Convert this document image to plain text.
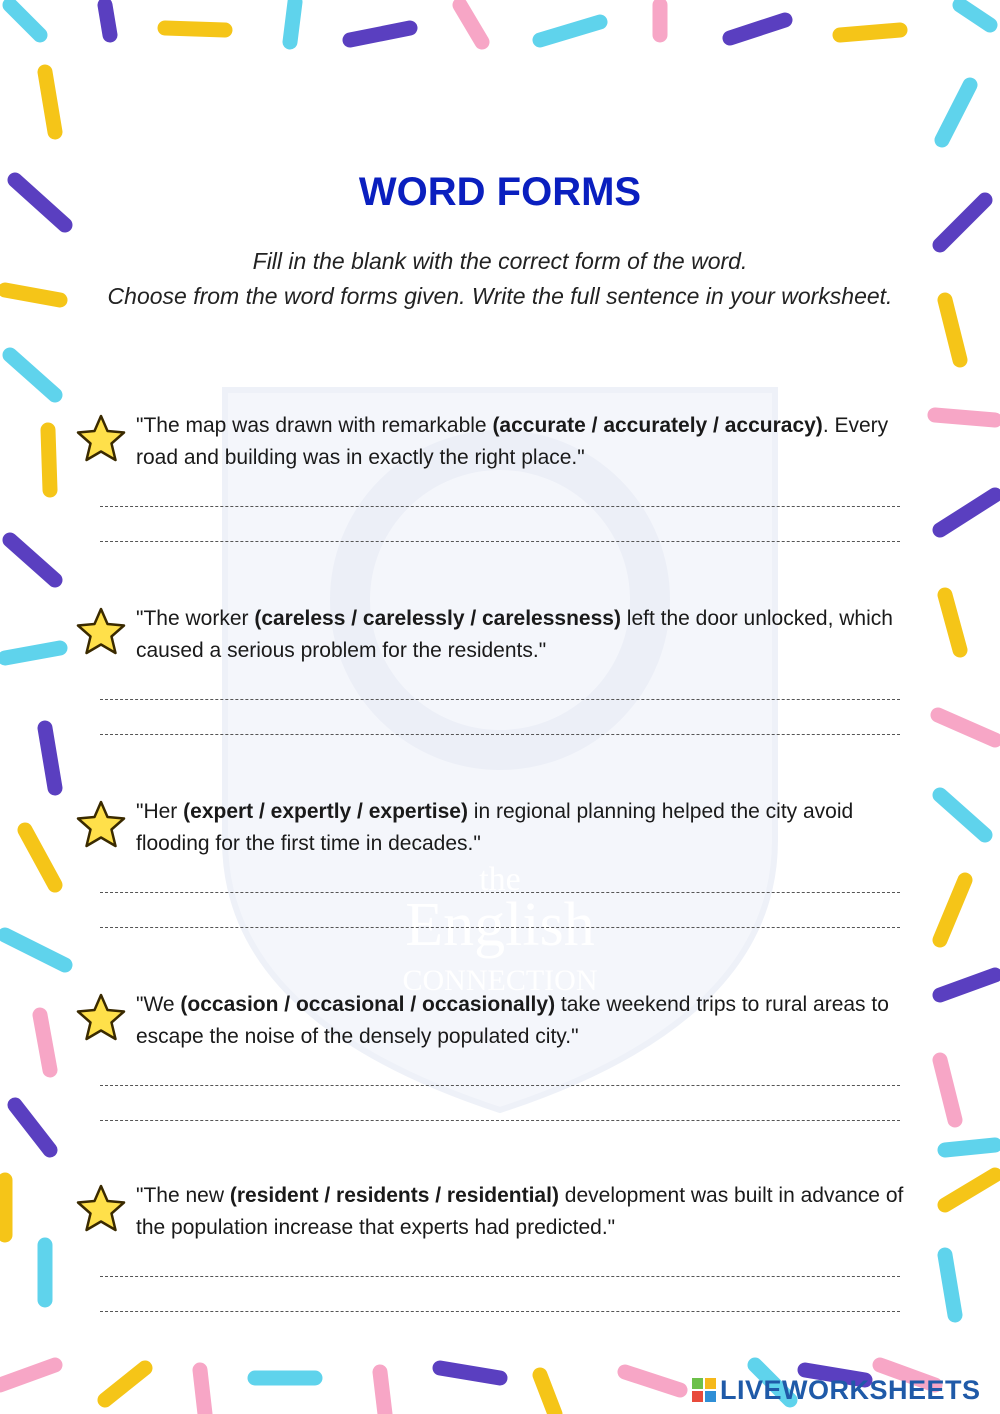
the
English
CONNECTION
WORD FORMS
Fill in the blank with the correct form of the word.
Choose from the word forms given. Write the full sentence in your worksheet.
"The map was drawn with remarkable (accurate / accurately / accuracy). Every road and building was in exactly the right place."
"The worker (careless / carelessly / carelessness) left the door unlocked, which caused a serious problem for the residents."
"Her (expert / expertly / expertise) in regional planning helped the city avoid flooding for the first time in decades."
"We (occasion / occasional / occasionally) take weekend trips to rural areas to escape the noise of the densely populated city."
"The new (resident / residents / residential) development was built in advance of the population increase that experts had predicted."
LIVEWORKSHEETS
